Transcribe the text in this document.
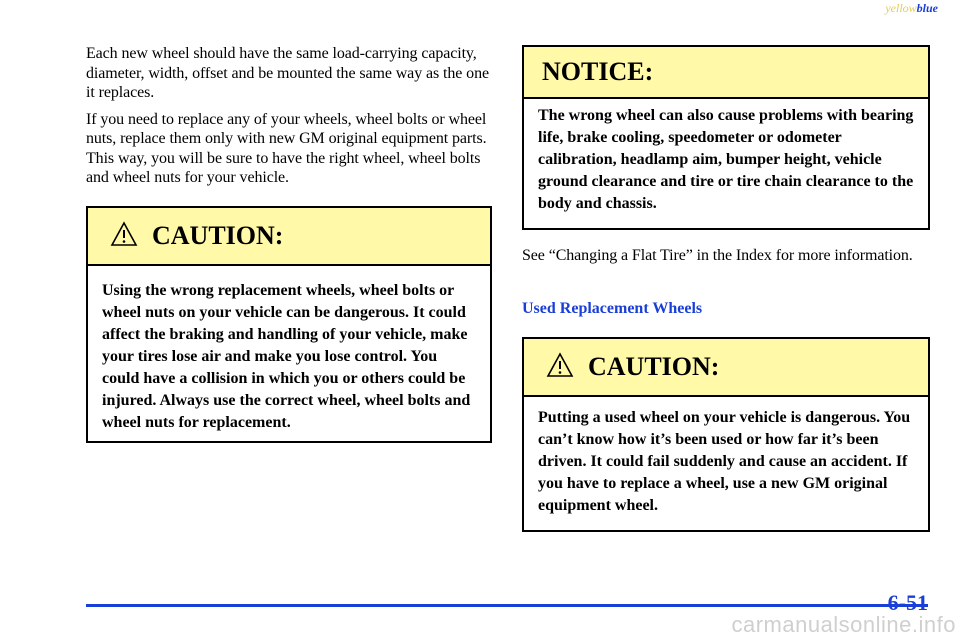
yellowblue

Each new wheel should have the same load‑carrying capacity, diameter, width, offset and be mounted the same way as the one it replaces.

If you need to replace any of your wheels, wheel bolts or wheel nuts, replace them only with new GM original equipment parts. This way, you will be sure to have the right wheel, wheel bolts and wheel nuts for your vehicle.

CAUTION:
Using the wrong replacement wheels, wheel bolts or wheel nuts on your vehicle can be dangerous. It could affect the braking and handling of your vehicle, make your tires lose air and make you lose control. You could have a collision in which you or others could be injured. Always use the correct wheel, wheel bolts and wheel nuts for replacement.
NOTICE:
The wrong wheel can also cause problems with bearing life, brake cooling, speedometer or odometer calibration, headlamp aim, bumper height, vehicle ground clearance and tire or tire chain clearance to the body and chassis.

See “Changing a Flat Tire” in the Index for more information.

Used Replacement Wheels
CAUTION:
Putting a used wheel on your vehicle is dangerous. You can’t know how it’s been used or how far it’s been driven. It could fail suddenly and cause an accident. If you have to replace a wheel, use a new GM original equipment wheel.
6-51
carmanualsonline.info
